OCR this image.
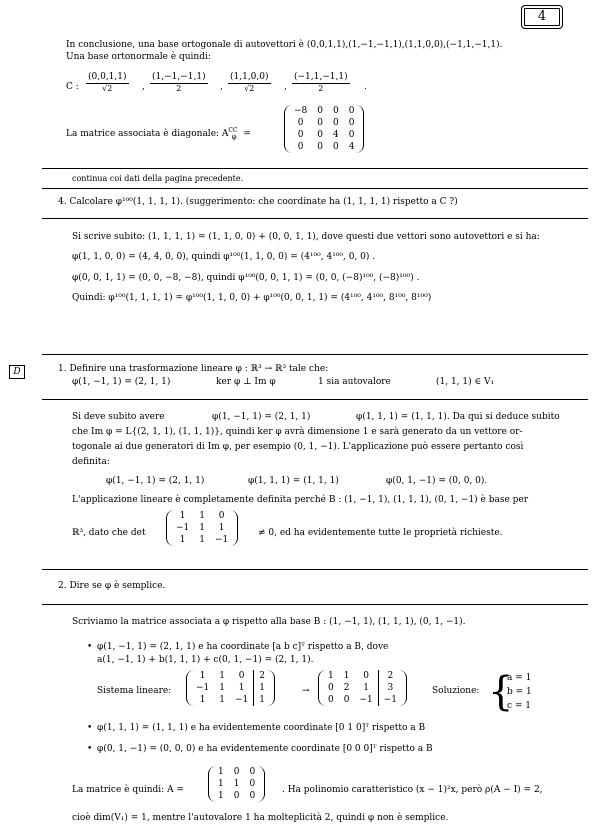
4
In conclusione, una base ortogonale di autovettori è (0,0,1,1),(1,−1,−1,1),(1,1,0,0),(−1,1,−1,1).
Una base ortonormale è quindi:
C : $\frac{(0,0,1,1)}{√2}$ , $\frac{(1,-1,-1,1)}{2}$ , $\frac{(1,1,0,0)}{√2}$ , $\frac{(-1,1,-1,1)}{2}$ .
La matrice associata è diagonale: $A^{CC}_\varphi$ =
−8	0	0	0
0	0	0	0
0	0	4	0
0	0	0	4
continua coi dati della pagina precedente.
4. Calcolare φ¹⁰⁰(1, 1, 1, 1). (suggerimento: che coordinate ha (1, 1, 1, 1) rispetto a C ?)
Si scrive subito: (1, 1, 1, 1) = (1, 1, 0, 0) + (0, 0, 1, 1), dove questi due vettori sono autovettori e si ha:
φ(1, 1, 0, 0) = (4, 4, 0, 0), quindi φ¹⁰⁰(1, 1, 0, 0) = (4¹⁰⁰, 4¹⁰⁰, 0, 0) .
φ(0, 0, 1, 1) = (0, 0, −8, −8), quindi φ¹⁰⁰(0, 0, 1, 1) = (0, 0, (−8)¹⁰⁰, (−8)¹⁰⁰) .
Quindi: φ¹⁰⁰(1, 1, 1, 1) = φ¹⁰⁰(1, 1, 0, 0) + φ¹⁰⁰(0, 0, 1, 1) = (4¹⁰⁰, 4¹⁰⁰, 8¹⁰⁰, 8¹⁰⁰)
D	1. Definire una trasformazione lineare φ : ℝ³ → ℝ³ tale che:
φ(1, −1, 1) = (2, 1, 1)	ker φ ⊥ Im φ	1 sia autovalore	(1, 1, 1) ∈ V₁
Si deve subito avere	φ(1, −1, 1) = (2, 1, 1)	φ(1, 1, 1) = (1, 1, 1). Da qui si deduce subito
che Im φ = L{(2, 1, 1), (1, 1, 1)}, quindi ker φ avrà dimensione 1 e sarà generato da un vettore or-
togonale ai due generatori di Im φ, per esempio (0, 1, −1). L'applicazione può essere pertanto così
definita:
φ(1, −1, 1) = (2, 1, 1)	φ(1, 1, 1) = (1, 1, 1)	φ(0, 1, −1) = (0, 0, 0).
L'applicazione lineare è completamente definita perché B : (1, −1, 1), (1, 1, 1), (0, 1, −1) è base per
ℝ³, dato che det
1	1	0
−1	1	1
1	1	−1
≠ 0, ed ha evidentemente tutte le proprietà richieste.
2. Dire se φ è semplice.
Scriviamo la matrice associata a φ rispetto alla base B : (1, −1, 1), (1, 1, 1), (0, 1, −1).
• φ(1, −1, 1) = (2, 1, 1) e ha coordinate [a b c]ᵀ rispetto a B, dove
a(1, −1, 1) + b(1, 1, 1) + c(0, 1, −1) = (2, 1, 1).
Sistema lineare:
1	1	0	2
−1	1	1	1
1	1	−1	1
→
1	1	0	2
0	2	1	3
0	0	−1	−1
Soluzione: {
a = 1
b = 1
c = 1
• φ(1, 1, 1) = (1, 1, 1) e ha evidentemente coordinate [0 1 0]ᵀ rispetto a B
• φ(0, 1, −1) = (0, 0, 0) e ha evidentemente coordinate [0 0 0]ᵀ rispetto a B
La matrice è quindi: A =
1	0	0
1	1	0
1	0	0
. Ha polinomio caratteristico (x − 1)²x, però ρ(A − I) = 2,
cioè dim(V₁) = 1, mentre l'autovalore 1 ha molteplicità 2, quindi φ non è semplice.
